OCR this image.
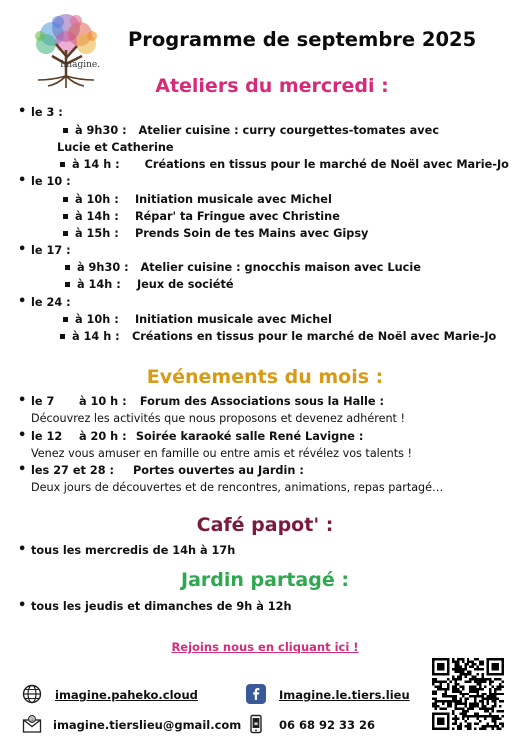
Imagine.
Programme de septembre 2025
Ateliers du mercredi :
• le 3 :
à 9h30 : Atelier cuisine : curry courgettes-tomates avec
Lucie et Catherine
à 14 h : Créations en tissus pour le marché de Noël avec Marie-Jo
• le 10 :
à 10h : Initiation musicale avec Michel
à 14h : Répar' ta Fringue avec Christine
à 15h : Prends Soin de tes Mains avec Gipsy
• le 17 :
à 9h30 : Atelier cuisine : gnocchis maison avec Lucie
à 14h : Jeux de société
• le 24 :
à 10h : Initiation musicale avec Michel
à 14 h : Créations en tissus pour le marché de Noël avec Marie-Jo
Evénements du mois :
• le 7 à 10 h : Forum des Associations sous la Halle :
Découvrez les activités que nous proposons et devenez adhérent !
• le 12 à 20 h : Soirée karaoké salle René Lavigne :
Venez vous amuser en famille ou entre amis et révélez vos talents !
• les 27 et 28 : Portes ouvertes au Jardin :
Deux jours de découvertes et de rencontres, animations, repas partagé…
Café papot' :
• tous les mercredis de 14h à 17h
Jardin partagé :
• tous les jeudis et dimanches de 9h à 12h
Rejoins nous en cliquant ici !
imagine.paheko.cloud	Imagine.le.tiers.lieu
@ imagine.tierslieu@gmail.com	☎ 06 68 92 33 26
